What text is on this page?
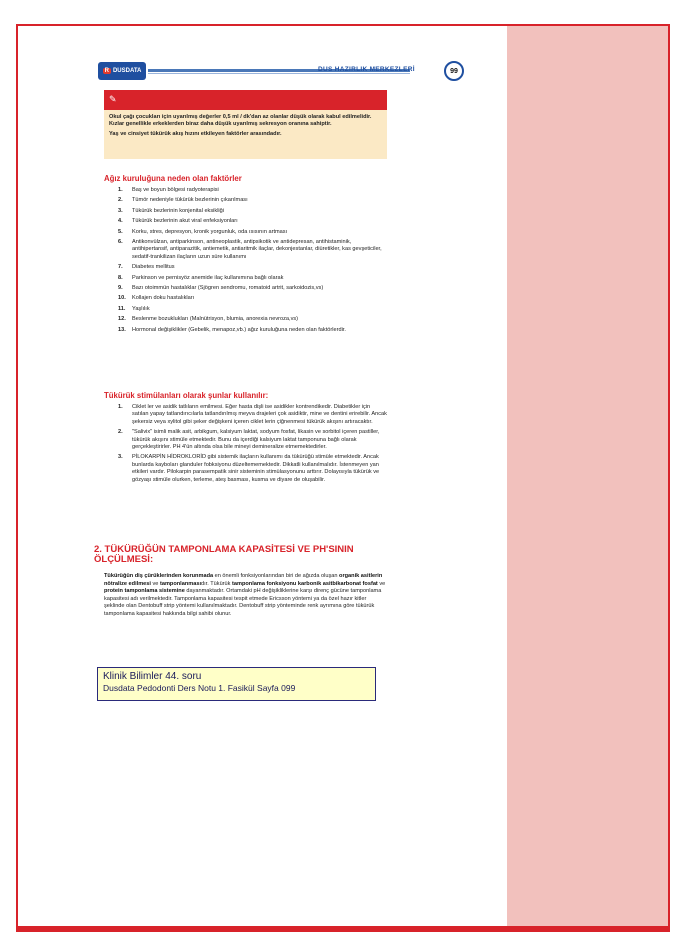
R DUSDATA	DUS HAZIRLIK MERKEZLERİ	99
✎

Okul çağı çocukları için uyarılmış değerler 0,5 ml / dk'dan az olanlar düşük olarak kabul edilmelidir. Kızlar genellikle erkeklerden biraz daha düşük uyarılmış sekresyon oranına sahiptir.

Yaş ve cinsiyet tükürük akış hızını etkileyen faktörler arasındadır.

Ağız kuruluğuna neden olan faktörler
1. Baş ve boyun bölgesi radyoterapisi
2. Tümör nedeniyle tükürük bezlerinin çıkarılması
3. Tükürük bezlerinin konjenital eksikliği
4. Tükürük bezlerinin akut viral enfeksiyonları
5. Korku, stres, depresyon, kronik yorgunluk, oda ısısının artması
6. Antikonvülzan, antiparkinson, antineoplastik, antipsikotik ve antidepresan, antihistaminik, antihipertansif, antiparazitik, antiemetik, antiaritmik ilaçlar, dekonjestanlar, diüretikler, kas gevşeticiler, sedatif-trankilizan ilaçların uzun süre kullanımı
7. Diabetes mellitus
8. Parkinson ve pernisyöz anemide ilaç kullanımına bağlı olarak
9. Bazı otoimmün hastalıklar (Sjögren sendromu, romatoid artrit, sarkoidozis,vs)
10. Kollajen doku hastalıkları
11. Yaşlılık
12. Beslenme bozuklukları (Malnütrisyon, blumia, anorexia nevroza,vs)
13. Hormonal değişiklikler (Gebelik, menapoz,vb.) ağız kuruluğuna neden olan faktörlerdir.
Tükürük stimülanları olarak şunlar kullanılır:
1. Ciklet ler ve asidik tatlıların emilmesi. Eğer hasta dişli ise asidikler kontrendikedir. Diabetikler için satılan yapay tatlandırıcılarla tatlandırılmış meyva drajeleri çok asidiktir, mine ve dentini erirebilir. Ancak şekersiz veya xylitol gibi şeker değişkeni içeren ciklet lerin çiğnenmesi tükürük akışını artıracaktır.
2. "Salivix" isimli malik asit, arbikgum, kalsiyum laktat, sodyum fosfat, likasin ve sorbitol içeren pastiller, tükürük akışını stimüle etmektedir. Bunu da içerdiği kalsiyum laktat tamponuna bağlı olarak gerçekleştirirler. PH 4'ün altında olsa bile mineyi demineralize etmemektedirler.
3. PİLOKARPİN HİDROKLORİD gibi sistemik ilaçların kullanımı da tükürüğü stimüle etmektedir. Ancak bunlarda kayboları glanduler fobksiyonu düzeltememektedir. Dikkatli kullanılmalıdır. İstenmeyen yan etkileri vardır. Pilokarpin parasempatik sinir sisteminin stimülasyonunu arttırır. Dolayısıyla tükürük ve gözyaşı stimüle olurken, terleme, ateş basması, kusma ve diyare de oluşabilir.
2. TÜKÜRÜĞÜN TAMPONLAMA KAPASİTESİ VE PH'SININ ÖLÇÜLMESİ:
Tükürüğün diş çürüklerinden korunmada en önemli fonksiyonlarından biri de ağızda oluşan organik asitlerin nötralize edilmesi ve tamponlanmasıdır. Tükürük tamponlama fonksiyonu karbonik asitbikarbonat fosfat ve protein tamponlama sistemine dayanmaktadır. Ortamdaki pH değişikliklerine karşı direnç gücüne tamponlama kapasitesi adı verilmektedir. Tamponlama kapasitesi tespit etmede Ericsson yöntemi ya da özel hazır kitler şeklinde olan Dentobuff strip yöntemi kullanılmaktadır. Dentobuff strip yönteminde renk ayrımına göre tükürük tamponlama kapasitesi hakkında bilgi sahibi olunur.
Klinik Bilimler 44. soru
Dusdata Pedodonti Ders Notu 1. Fasikül Sayfa 099
